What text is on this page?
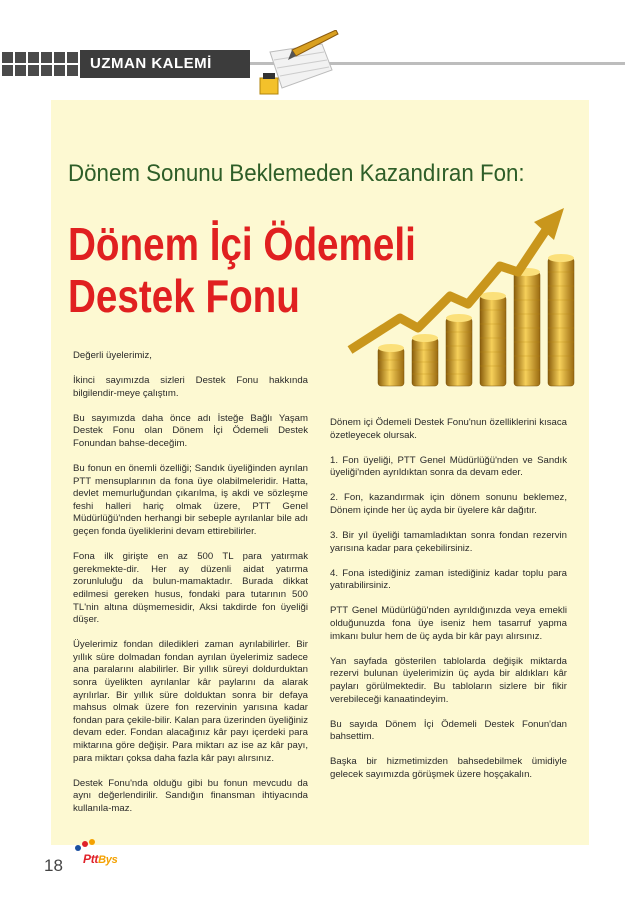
UZMAN KALEMİ
Dönem Sonunu Beklemeden Kazandıran Fon:
Dönem İçi Ödemeli
Destek Fonu

Değerli üyelerimiz,

İkinci sayımızda sizleri Destek Fonu hakkında bilgilendir-meye çalıştım.

Bu sayımızda daha önce adı İsteğe Bağlı Yaşam Destek Fonu olan Dönem İçi Ödemeli Destek Fonundan bahse-deceğim.

Bu fonun en önemli özelliği; Sandık üyeliğinden ayrılan PTT mensuplarının da fona üye olabilmeleridir. Hatta, devlet memurluğundan çıkarılma, iş akdi ve sözleşme feshi halleri hariç olmak üzere, PTT Genel Müdürlüğü'nden herhangi bir sebeple ayrılanlar bile adı geçen fonda üyeliklerini devam ettirebilirler.

Fona ilk girişte en az 500 TL para yatırmak gerekmekte-dir. Her ay düzenli aidat yatırma zorunluluğu da bulun-mamaktadır. Burada dikkat edilmesi gereken husus, fondaki para tutarının 500 TL'nin altına düşmemesidir, Aksi takdirde fon üyeliği düşer.

Üyelerimiz fondan diledikleri zaman ayrılabilirler. Bir yıllık süre dolmadan fondan ayrılan üyelerimiz sadece ana paralarını alabilirler. Bir yıllık süreyi doldurduktan sonra üyelikten ayrılanlar kâr paylarını da alarak ayrılırlar. Bir yıllık süre dolduktan sonra bir defaya mahsus olmak üzere fon rezervinin yarısına kadar fondan para çekile-bilir. Kalan para üzerinden üyeliğiniz devam eder. Fondan alacağınız kâr payı içerdeki para miktarına göre değişir. Para miktarı az ise az kâr payı, para miktarı çoksa daha fazla kâr payı alırsınız.

Destek Fonu'nda olduğu gibi bu fonun mevcudu da aynı değerlendirilir. Sandığın finansman ihtiyacında kullanıla-maz.

Dönem içi Ödemeli Destek Fonu'nun özelliklerini kısaca özetleyecek olursak.

1. Fon üyeliği, PTT Genel Müdürlüğü'nden ve Sandık üyeliği'nden ayrıldıktan sonra da devam eder.

2. Fon, kazandırmak için dönem sonunu beklemez, Dönem içinde her üç ayda bir üyelere kâr dağıtır.

3. Bir yıl üyeliği tamamladıktan sonra fondan rezervin yarısına kadar para çekebilirsiniz.

4. Fona istediğiniz zaman istediğiniz kadar toplu para yatırabilirsiniz.

PTT Genel Müdürlüğü'nden ayrıldığınızda veya emekli olduğunuzda fona üye iseniz hem tasarruf yapma imkanı bulur hem de üç ayda bir kâr payı alırsınız.

Yan sayfada gösterilen tablolarda değişik miktarda rezervi bulunan üyelerimizin üç ayda bir aldıkları kâr payları görülmektedir. Bu tabloların sizlere bir fikir verebileceği kanaatindeyim.

Bu sayıda Dönem İçi Ödemeli Destek Fonun'dan bahsettim.

Başka bir hizmetimizden bahsedebilmek ümidiyle gelecek sayımızda görüşmek üzere hoşçakalın.

18 PttBys
